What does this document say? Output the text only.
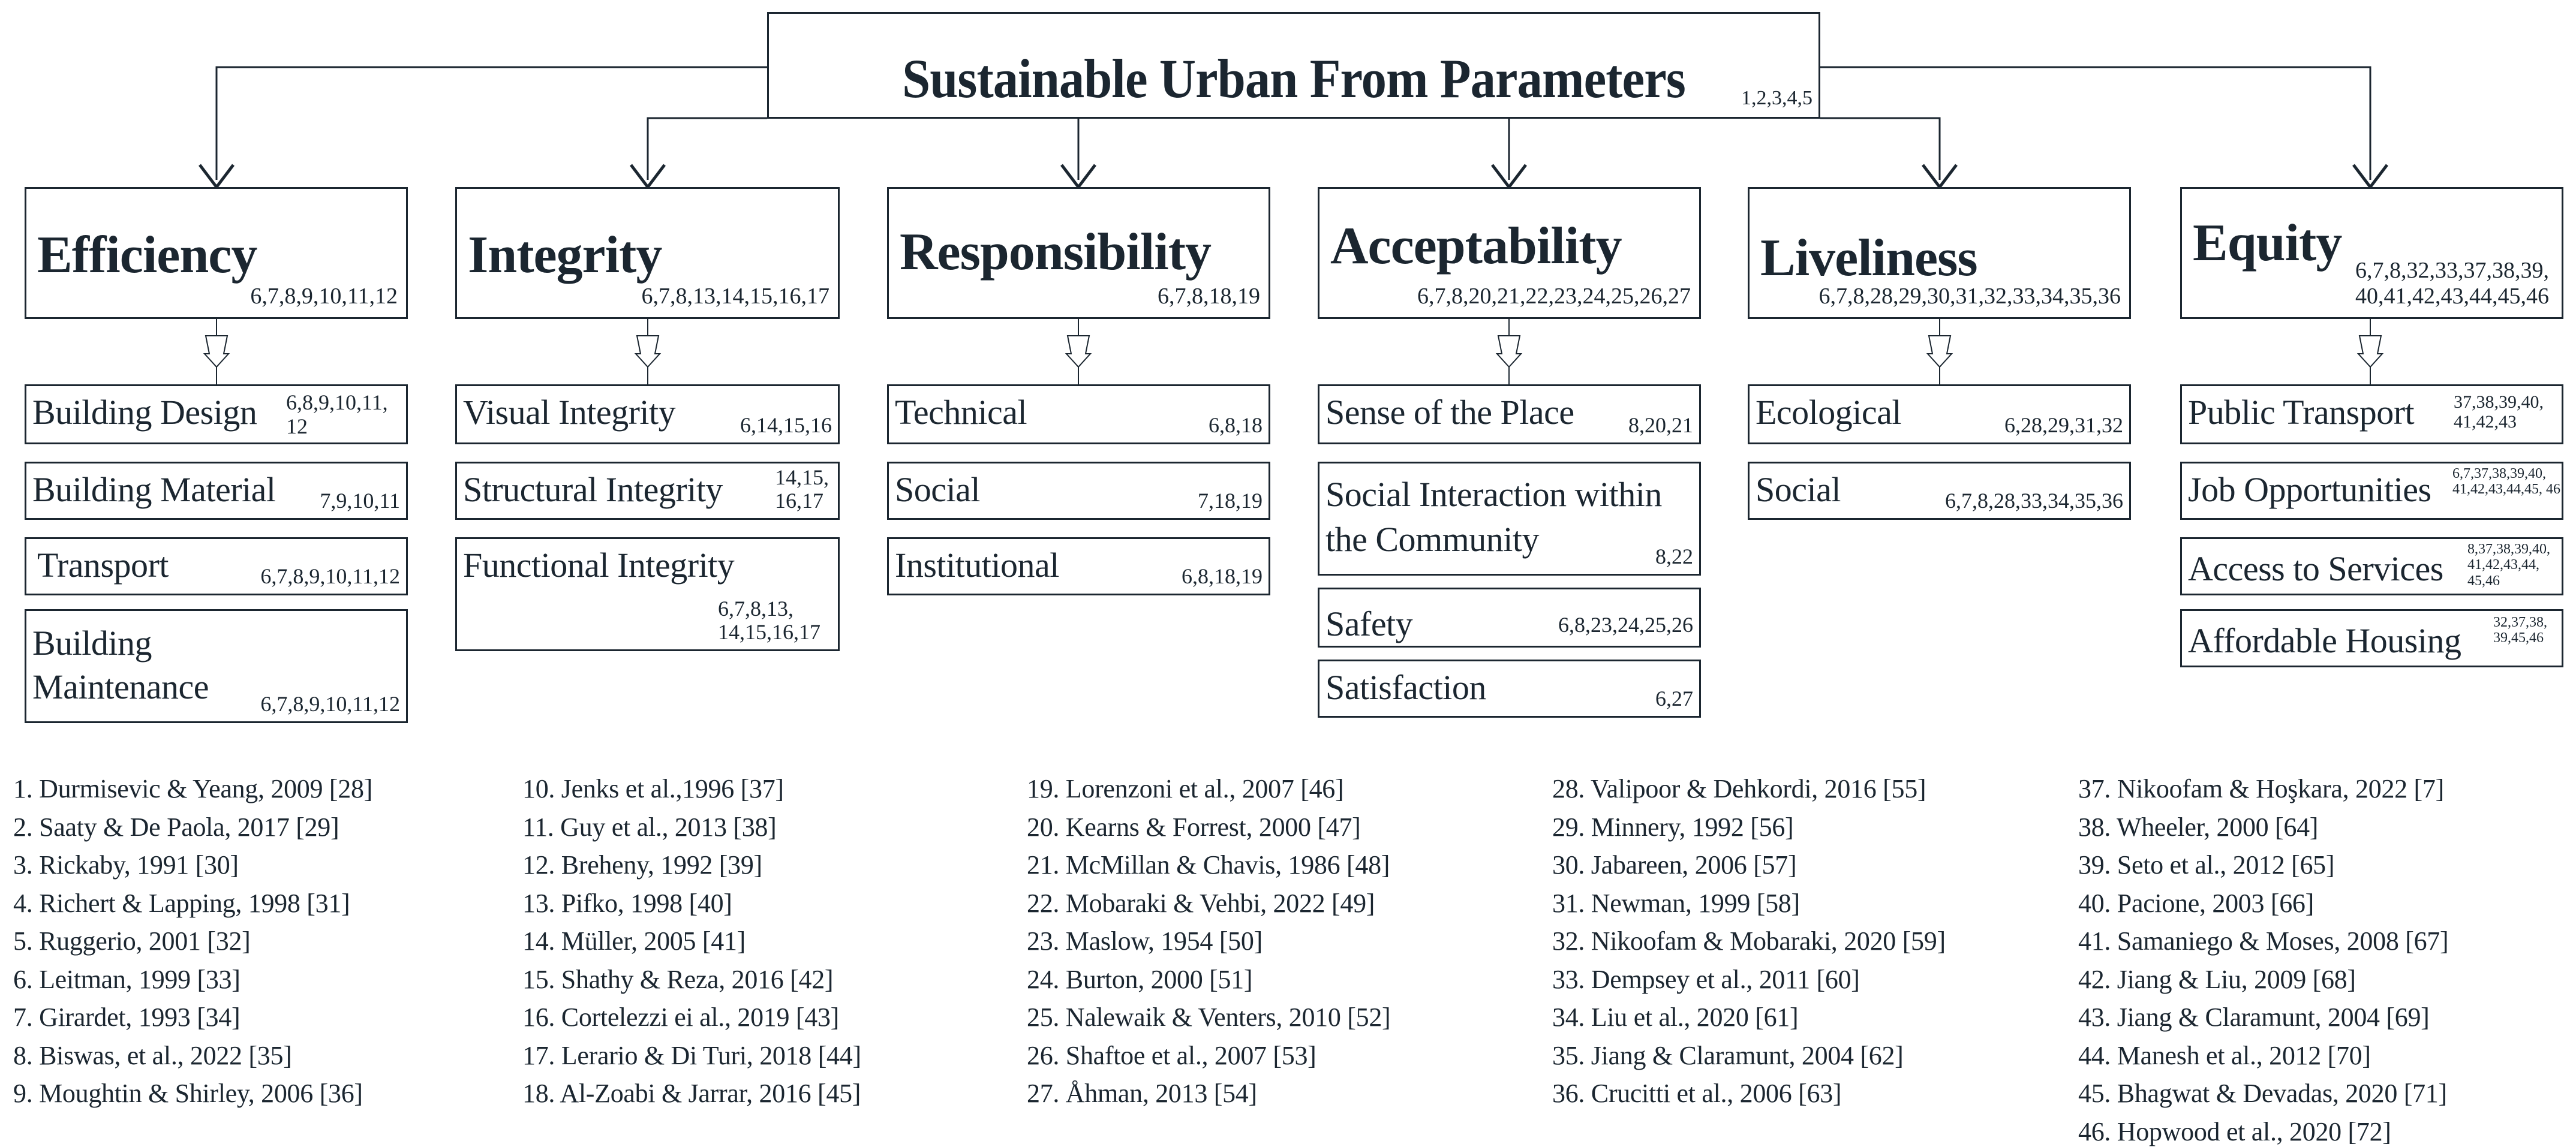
Sustainable Urban From Parameters	1,2,3,4,5
Efficiency
6,7,8,9,10,11,12
Integrity
6,7,8,13,14,15,16,17
Responsibility
6,7,8,18,19
Acceptability
6,7,8,20,21,22,23,24,25,26,27
Liveliness
6,7,8,28,29,30,31,32,33,34,35,36
Equity 6,7,8,32,33,37,38,39, 40,41,42,43,44,45,46
Building Design 6,8,9,10,11, 12
Building Material 7,9,10,11
Transport	6,7,8,9,10,11,12
Building Maintenance	6,7,8,9,10,11,12
Visual Integrity	6,14,15,16
Structural Integrity 14,15, 16,17
Functional Integrity
6,7,8,13, 14,15,16,17
Technical	6,8,18
Social	7,18,19
Institutional	6,8,18,19
Sense of the Place	8,20,21
Social Interaction within the Community	8,22
Safety	6,8,23,24,25,26
Satisfaction	6,27
Ecological	6,28,29,31,32
Social	6,7,8,28,33,34,35,36
Public Transport 37,38,39,40, 41,42,43
Job Opportunities 6,7,37,38,39,40, 41,42,43,44,45, 46
Access to Services 8,37,38,39,40, 41,42,43,44, 45,46
Affordable Housing 32,37,38, 39,45,46
1. Durmisevic & Yeang, 2009 [28]
2. Saaty & De Paola, 2017 [29]
3. Rickaby, 1991 [30]
4. Richert & Lapping, 1998 [31]
5. Ruggerio, 2001 [32]
6. Leitman, 1999 [33]
7. Girardet, 1993 [34]
8. Biswas, et al., 2022 [35]
9. Moughtin & Shirley, 2006 [36]
10. Jenks et al.,1996 [37]
11. Guy et al., 2013 [38]
12. Breheny, 1992 [39]
13. Pifko, 1998 [40]
14. Müller, 2005 [41]
15. Shathy & Reza, 2016 [42]
16. Cortelezzi ei al., 2019 [43]
17. Lerario & Di Turi, 2018 [44]
18. Al-Zoabi & Jarrar, 2016 [45]
19. Lorenzoni et al., 2007 [46]
20. Kearns & Forrest, 2000 [47]
21. McMillan & Chavis, 1986 [48]
22. Mobaraki & Vehbi, 2022 [49]
23. Maslow, 1954 [50]
24. Burton, 2000 [51]
25. Nalewaik & Venters, 2010 [52]
26. Shaftoe et al., 2007 [53]
27. Åhman, 2013 [54]
28. Valipoor & Dehkordi, 2016 [55]
29. Minnery, 1992 [56]
30. Jabareen, 2006 [57]
31. Newman, 1999 [58]
32. Nikoofam & Mobaraki, 2020 [59]
33. Dempsey et al., 2011 [60]
34. Liu et al., 2020 [61]
35. Jiang & Claramunt, 2004 [62]
36. Crucitti et al., 2006 [63]
37. Nikoofam & Hoşkara, 2022 [7]
38. Wheeler, 2000 [64]
39. Seto et al., 2012 [65]
40. Pacione, 2003 [66]
41. Samaniego & Moses, 2008 [67]
42. Jiang & Liu, 2009 [68]
43. Jiang & Claramunt, 2004 [69]
44. Manesh et al., 2012 [70]
45. Bhagwat & Devadas, 2020 [71]
46. Hopwood et al., 2020 [72]
